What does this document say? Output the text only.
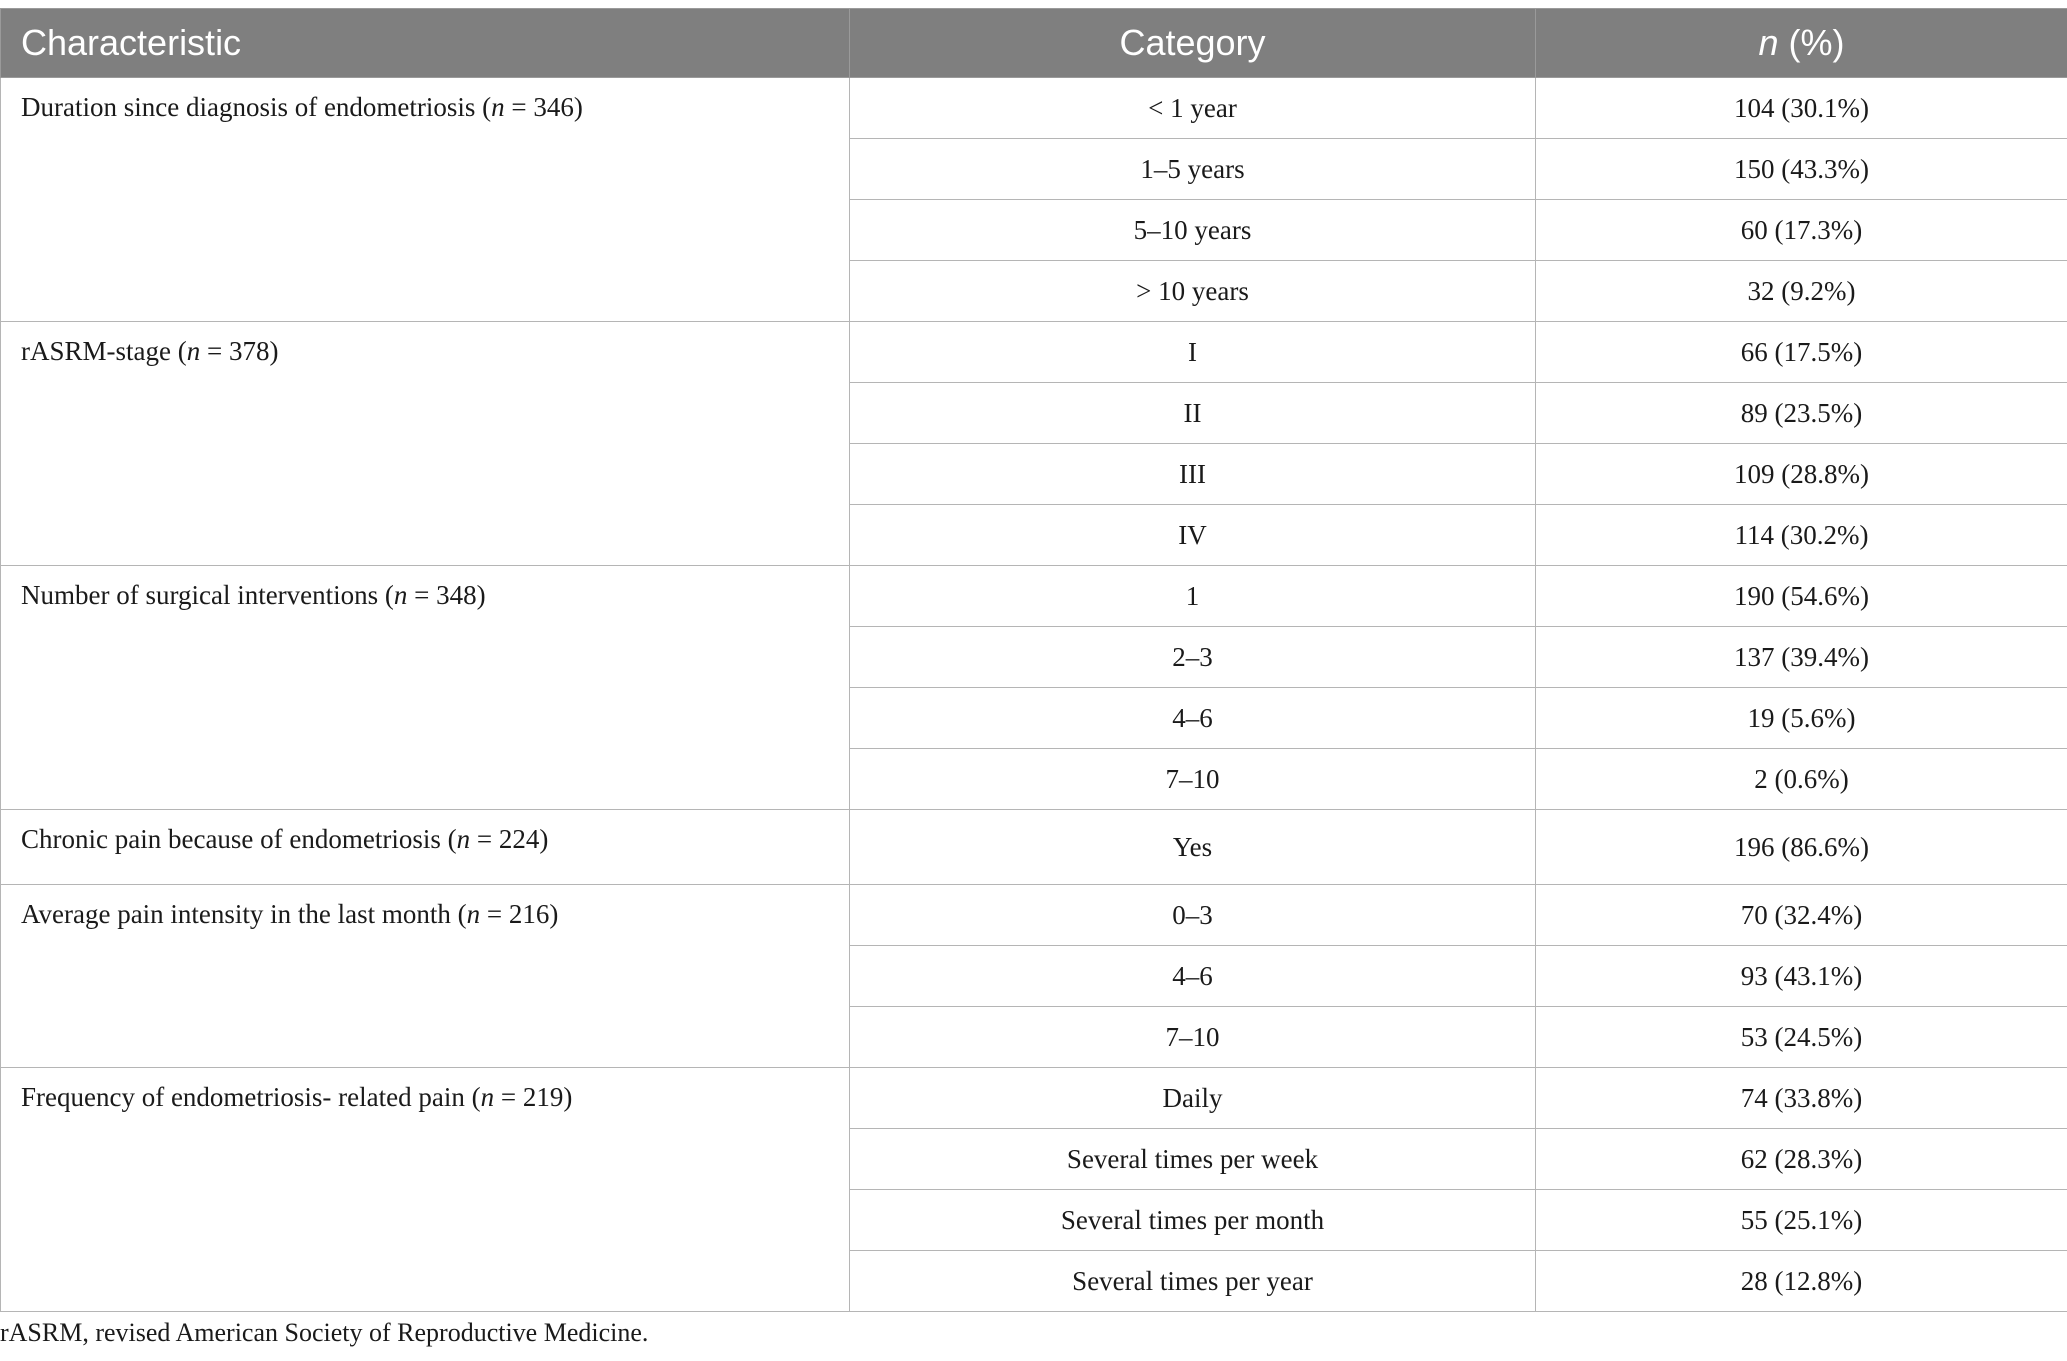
Characteristic	Category	n (%)
Duration since diagnosis of endometriosis (n = 346)	< 1 year	104 (30.1%)
	1–5 years	150 (43.3%)
	5–10 years	60 (17.3%)
	> 10 years	32 (9.2%)
rASRM-stage (n = 378)	I	66 (17.5%)
	II	89 (23.5%)
	III	109 (28.8%)
	IV	114 (30.2%)
Number of surgical interventions (n = 348)	1	190 (54.6%)
	2–3	137 (39.4%)
	4–6	19 (5.6%)
	7–10	2 (0.6%)
Chronic pain because of endometriosis (n = 224)	Yes	196 (86.6%)
Average pain intensity in the last month (n = 216)	0–3	70 (32.4%)
	4–6	93 (43.1%)
	7–10	53 (24.5%)
Frequency of endometriosis- related pain (n = 219)	Daily	74 (33.8%)
	Several times per week	62 (28.3%)
	Several times per month	55 (25.1%)
	Several times per year	28 (12.8%)
rASRM, revised American Society of Reproductive Medicine.
